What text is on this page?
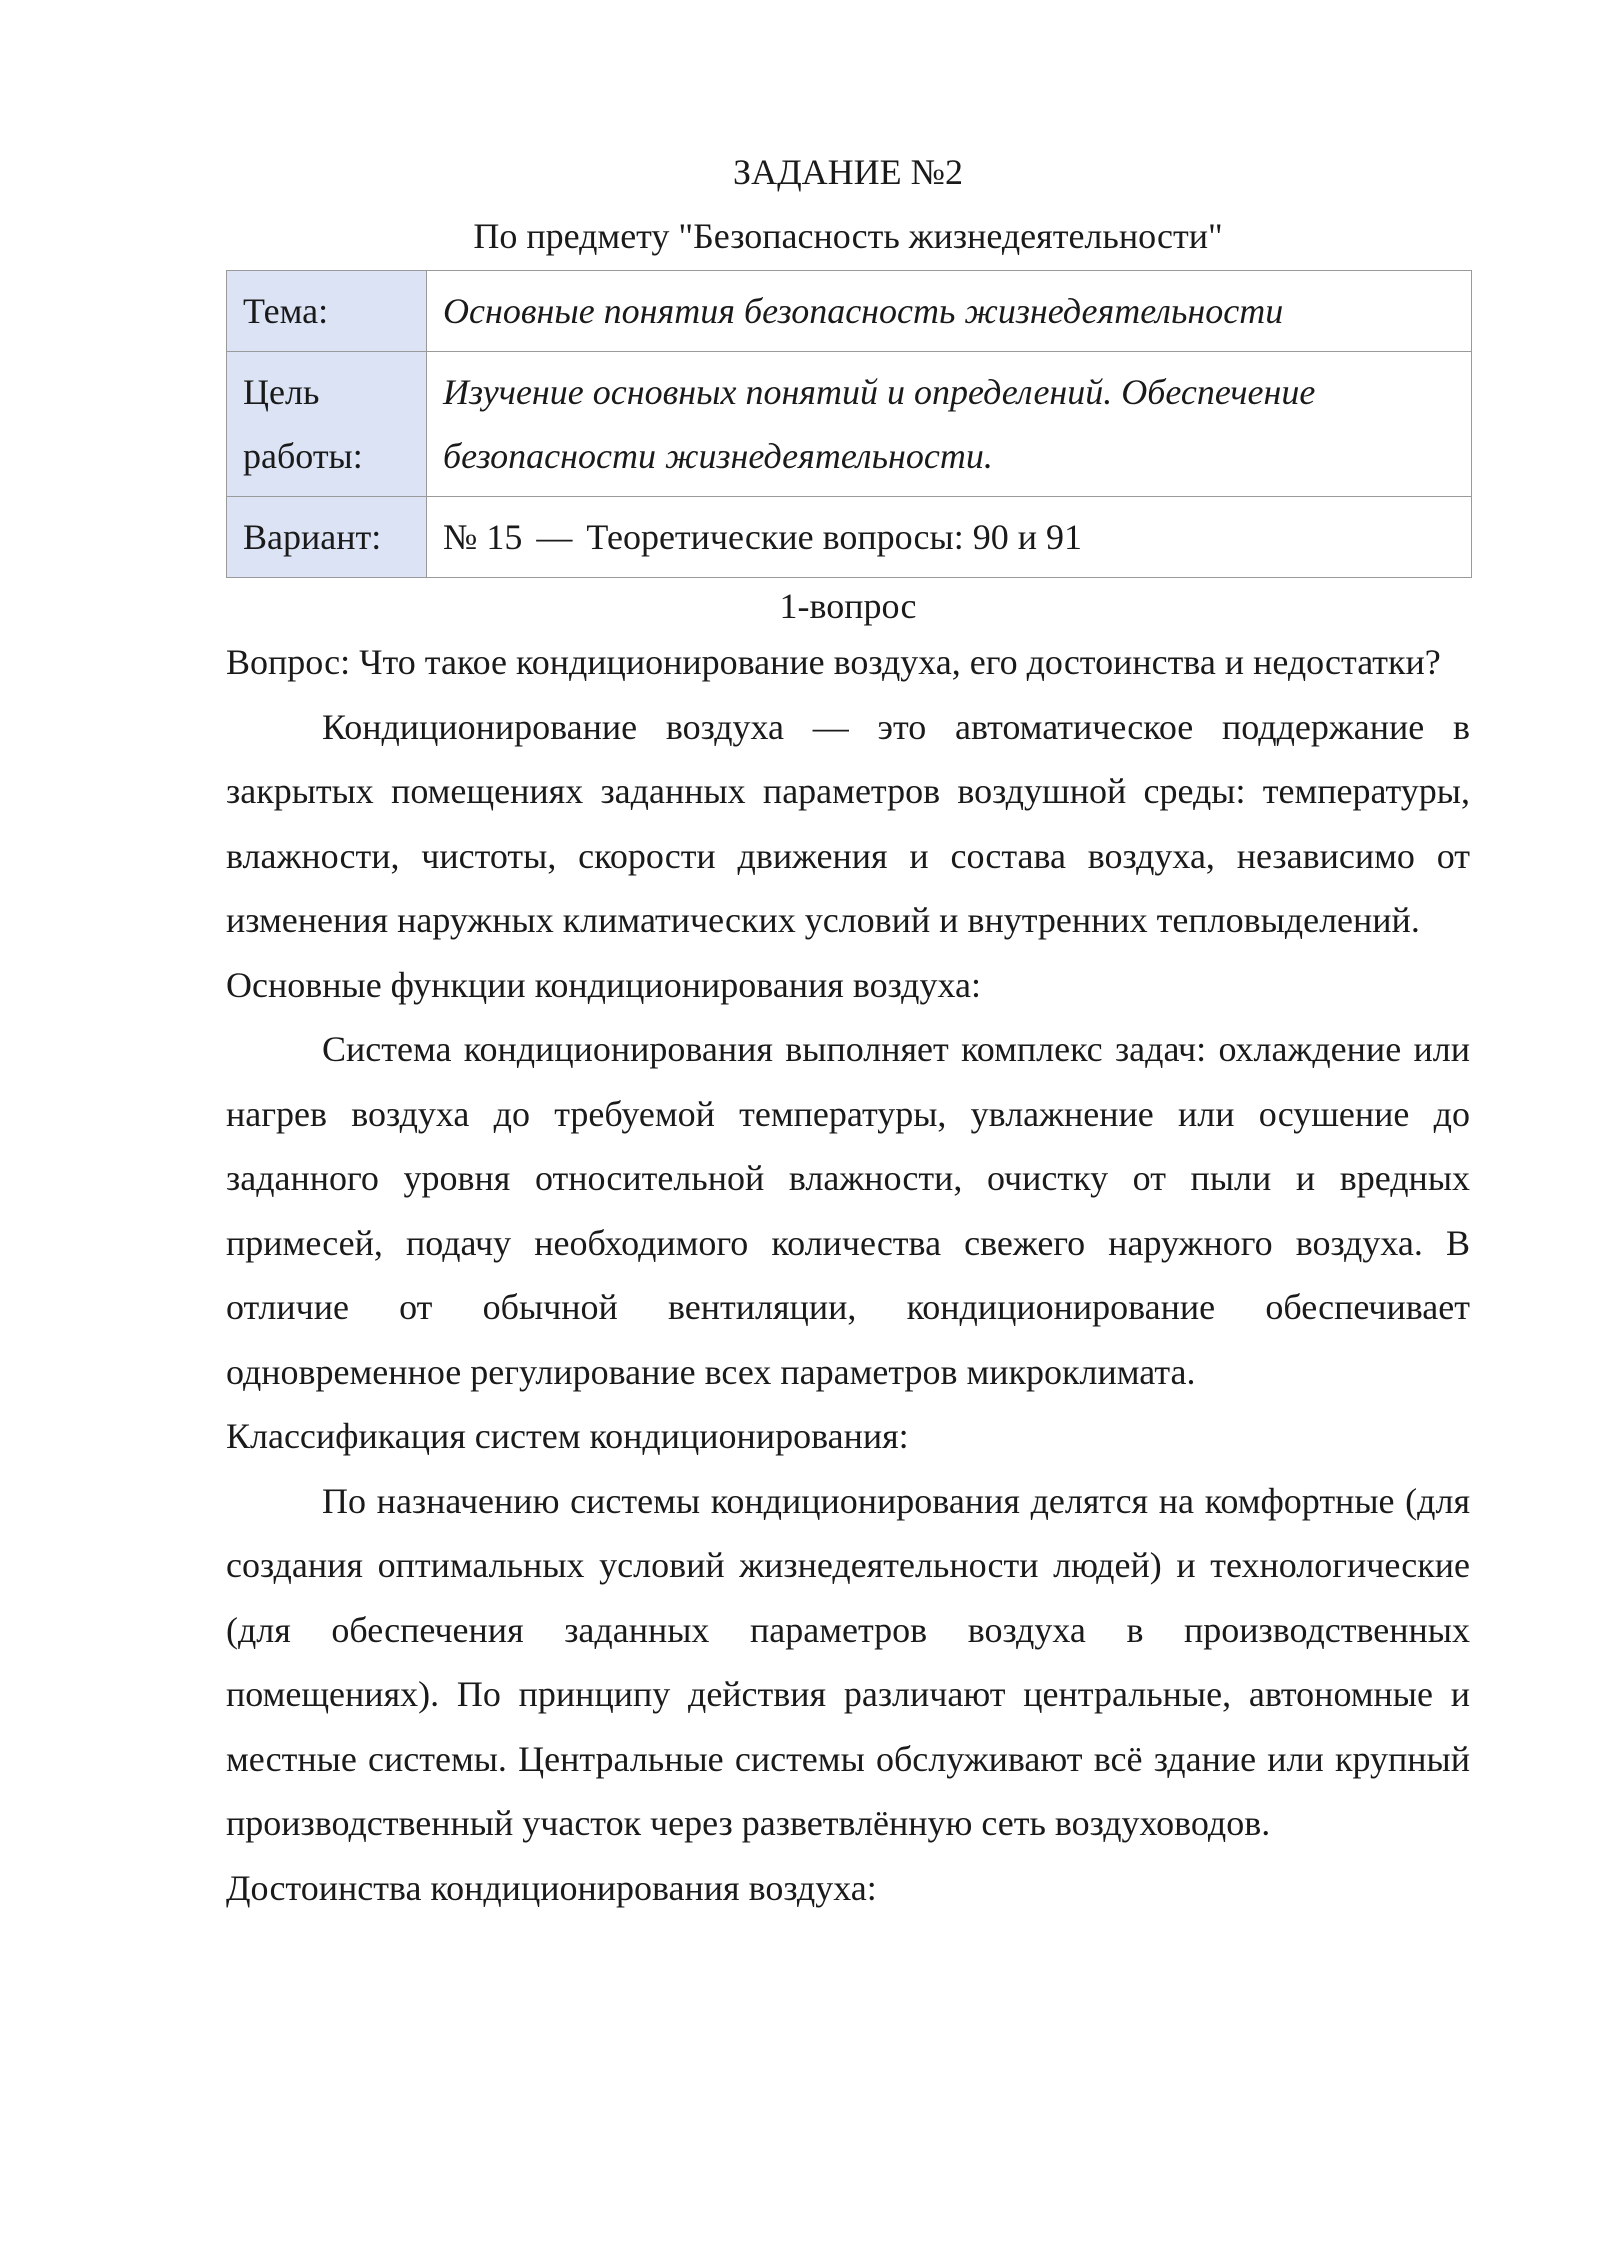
ЗАДАНИЕ №2

По предмету "Безопасность жизнедеятельности"

Тема:	Основные понятия безопасность жизнедеятельности
Цель работы:	Изучение основных понятий и определений. Обеспечение безопасности жизнедеятельности.
Вариант:	№ 15 — Теоретические вопросы: 90 и 91

1-вопрос

Вопрос: Что такое кондиционирование воздуха, его достоинства и недостатки?

Кондиционирование воздуха — это автоматическое поддержание в закрытых помещениях заданных параметров воздушной среды: температуры, влажности, чистоты, скорости движения и состава воздуха, независимо от изменения наружных климатических условий и внутренних тепловыделений.

Основные функции кондиционирования воздуха:

Система кондиционирования выполняет комплекс задач: охлаждение или нагрев воздуха до требуемой температуры, увлажнение или осушение до заданного уровня относительной влажности, очистку от пыли и вредных примесей, подачу необходимого количества свежего наружного воздуха. В отличие от обычной вентиляции, кондиционирование обеспечивает одновременное регулирование всех параметров микроклимата.

Классификация систем кондиционирования:

По назначению системы кондиционирования делятся на комфортные (для создания оптимальных условий жизнедеятельности людей) и технологические (для обеспечения заданных параметров воздуха в производственных помещениях). По принципу действия различают центральные, автономные и местные системы. Центральные системы обслуживают всё здание или крупный производственный участок через разветвлённую сеть воздуховодов.

Достоинства кондиционирования воздуха:
